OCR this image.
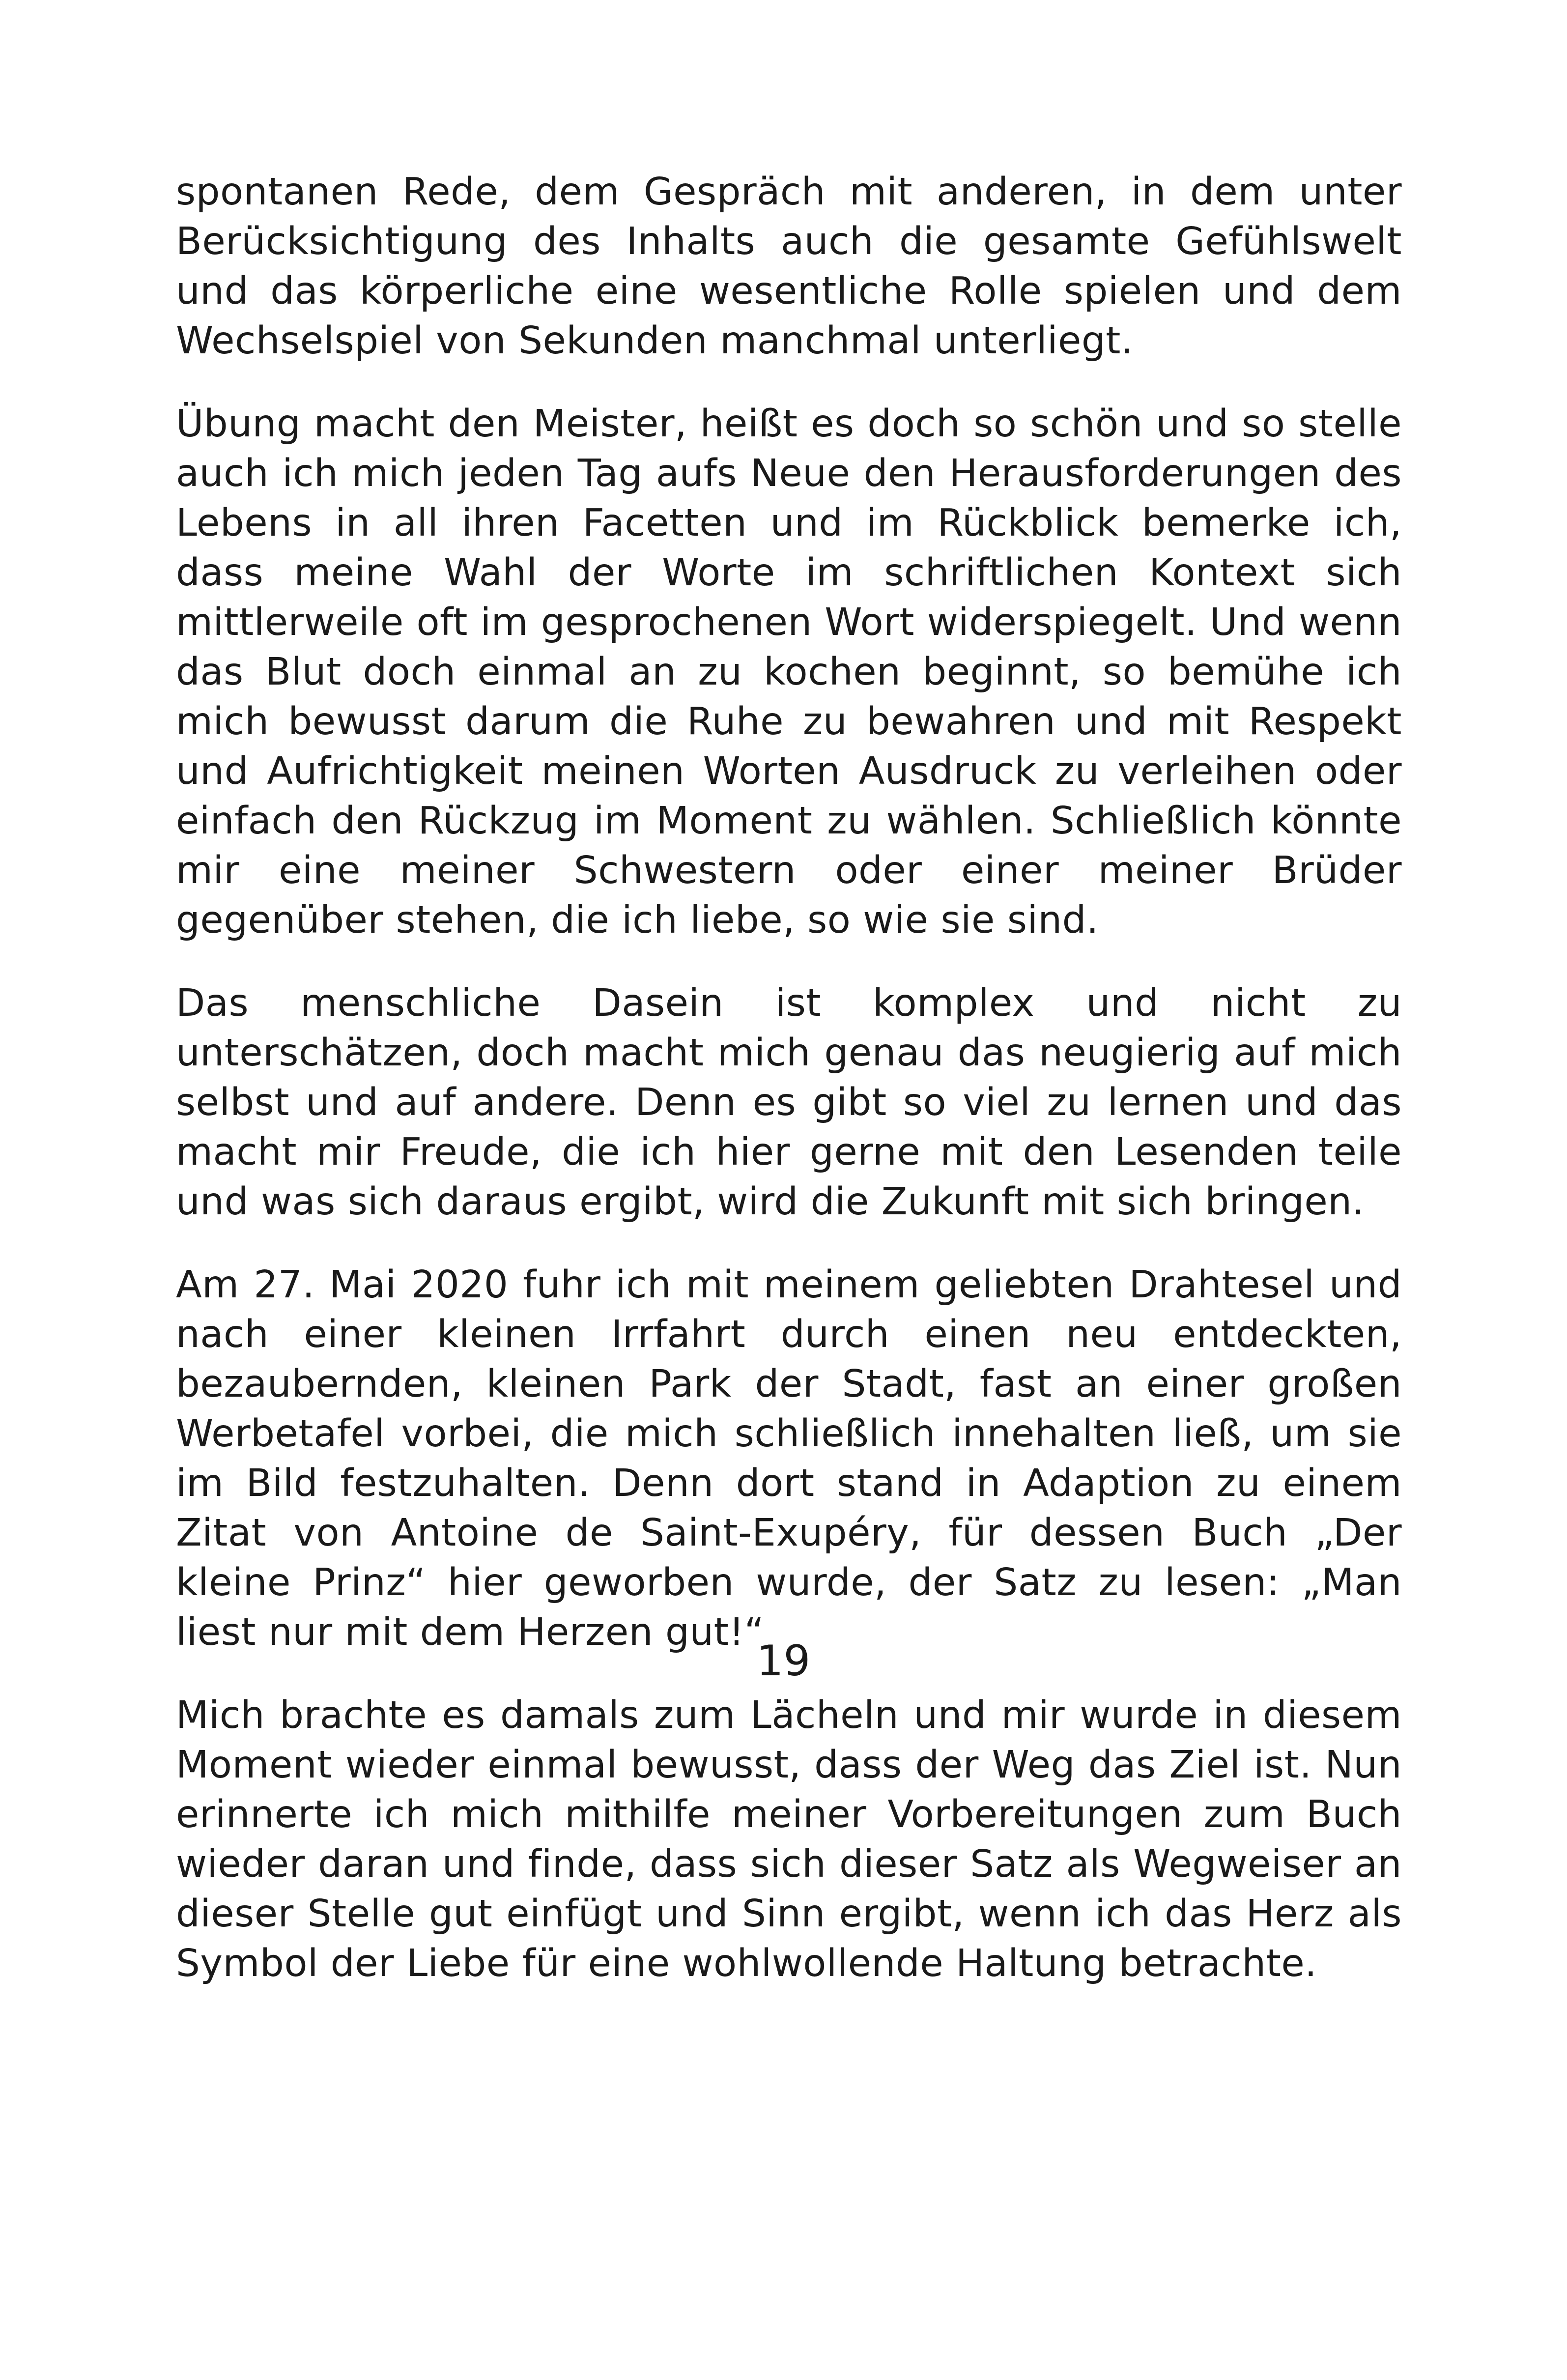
spontanen Rede, dem Gespräch mit anderen, in dem unter Berücksichtigung des Inhalts auch die gesamte Gefühlswelt und das körperliche eine wesentliche Rolle spielen und dem Wechselspiel von Sekunden manchmal unterliegt.

Übung macht den Meister, heißt es doch so schön und so stelle auch ich mich jeden Tag aufs Neue den Herausforderungen des Lebens in all ihren Facetten und im Rückblick bemerke ich, dass meine Wahl der Worte im schriftlichen Kontext sich mittlerweile oft im gesprochenen Wort widerspiegelt. Und wenn das Blut doch einmal an zu kochen beginnt, so bemühe ich mich bewusst darum die Ruhe zu bewahren und mit Respekt und Aufrichtigkeit meinen Worten Ausdruck zu verleihen oder einfach den Rückzug im Moment zu wählen. Schließlich könnte mir eine meiner Schwestern oder einer meiner Brüder gegenüber stehen, die ich liebe, so wie sie sind.

Das menschliche Dasein ist komplex und nicht zu unterschätzen, doch macht mich genau das neugierig auf mich selbst und auf andere. Denn es gibt so viel zu lernen und das macht mir Freude, die ich hier gerne mit den Lesenden teile und was sich daraus ergibt, wird die Zukunft mit sich bringen.

Am 27. Mai 2020 fuhr ich mit meinem geliebten Drahtesel und nach einer kleinen Irrfahrt durch einen neu entdeckten, bezaubernden, kleinen Park der Stadt, fast an einer großen Werbetafel vorbei, die mich schließlich innehalten ließ, um sie im Bild festzuhalten. Denn dort stand in Adaption zu einem Zitat von Antoine de Saint-Exupéry, für dessen Buch „Der kleine Prinz“ hier geworben wurde, der Satz zu lesen: „Man liest nur mit dem Herzen gut!“

Mich brachte es damals zum Lächeln und mir wurde in diesem Moment wieder einmal bewusst, dass der Weg das Ziel ist. Nun erinnerte ich mich mithilfe meiner Vorbereitungen zum Buch wieder daran und finde, dass sich dieser Satz als Wegweiser an dieser Stelle gut einfügt und Sinn ergibt, wenn ich das Herz als Symbol der Liebe für eine wohlwollende Haltung betrachte.

19
